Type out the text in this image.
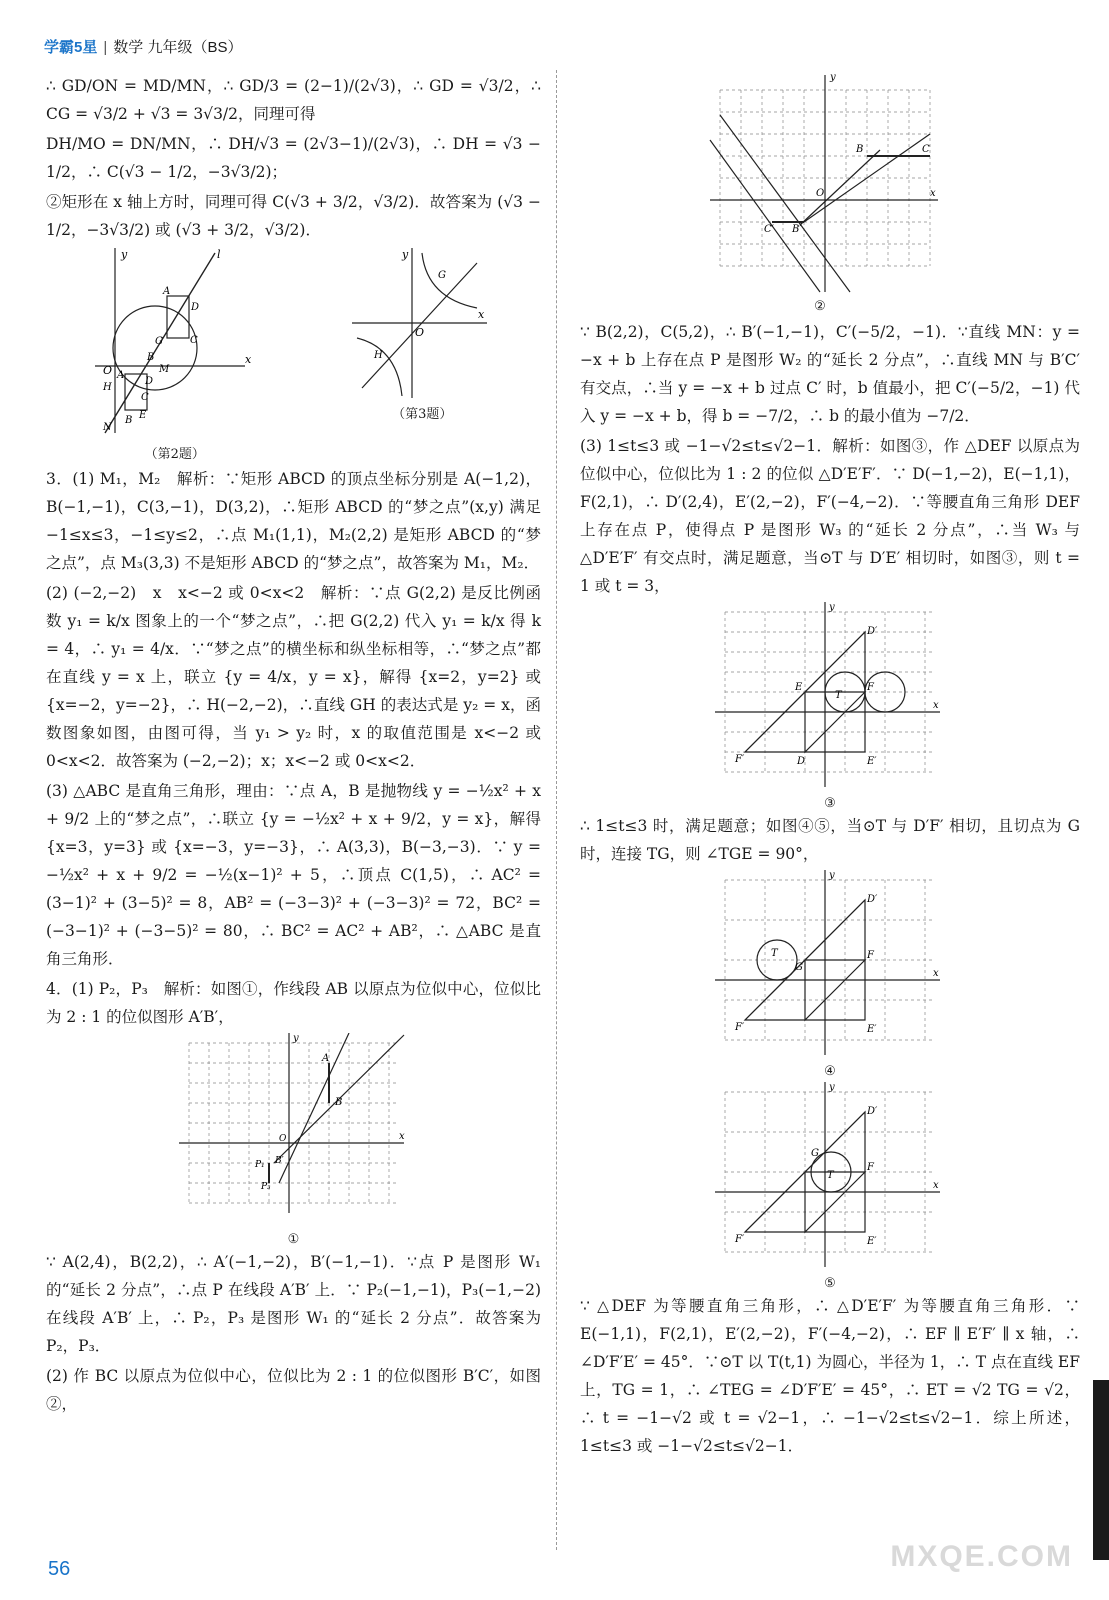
学霸5星 | 数学 九年级（BS）

∴ GD/ON = MD/MN，∴ GD/3 = (2−1)/(2√3)，∴ GD = √3/2，∴ CG = √3/2 + √3 = 3√3/2，同理可得

DH/MO = DN/MN，∴ DH/√3 = (2√3−1)/(2√3)，∴ DH = √3 − 1/2，∴ C(√3 − 1/2，−3√3/2)；

②矩形在 x 轴上方时，同理可得 C(√3 + 3/2，√3/2)．故答案为 (√3 − 1/2，−3√3/2) 或 (√3 + 3/2，√3/2)．

y
x
O
l
A
D
C
G
B
M
D
A
H
B E
C
N
（第2题）
y
x
O
G
H
（第3题）

3．(1) M₁，M₂　解析：∵矩形 ABCD 的顶点坐标分别是 A(−1,2)，B(−1,−1)，C(3,−1)，D(3,2)，∴矩形 ABCD 的“梦之点”(x,y) 满足 −1≤x≤3，−1≤y≤2，∴点 M₁(1,1)，M₂(2,2) 是矩形 ABCD 的“梦之点”，点 M₃(3,3) 不是矩形 ABCD 的“梦之点”，故答案为 M₁，M₂．

(2) (−2,−2)　x　x<−2 或 0<x<2　解析：∵点 G(2,2) 是反比例函数 y₁ = k/x 图象上的一个“梦之点”，∴把 G(2,2) 代入 y₁ = k/x 得 k = 4，∴ y₁ = 4/x．∵“梦之点”的横坐标和纵坐标相等，∴“梦之点”都在直线 y = x 上，联立 {y = 4/x，y = x}，解得 {x=2，y=2} 或 {x=−2，y=−2}，∴ H(−2,−2)，∴直线 GH 的表达式是 y₂ = x，函数图象如图，由图可得，当 y₁ > y₂ 时，x 的取值范围是 x<−2 或 0<x<2．故答案为 (−2,−2)；x；x<−2 或 0<x<2．

(3) △ABC 是直角三角形，理由：∵点 A，B 是抛物线 y = −½x² + x + 9/2 上的“梦之点”，∴联立 {y = −½x² + x + 9/2，y = x}，解得 {x=3，y=3} 或 {x=−3，y=−3}，∴ A(3,3)，B(−3,−3)．∵ y = −½x² + x + 9/2 = −½(x−1)² + 5，∴顶点 C(1,5)，∴ AC² = (3−1)² + (3−5)² = 8，AB² = (−3−3)² + (−3−3)² = 72，BC² = (−3−1)² + (−3−5)² = 80，∴ BC² = AC² + AB²，∴ △ABC 是直角三角形．

4．(1) P₂，P₃　解析：如图①，作线段 AB 以原点为位似中心，位似比为 2 : 1 的位似图形 A′B′，

y
x
A
B
P₁ B′
P₃
O
①

∵ A(2,4)，B(2,2)，∴ A′(−1,−2)，B′(−1,−1)．∵点 P 是图形 W₁ 的“延长 2 分点”，∴点 P 在线段 A′B′ 上．∵ P₂(−1,−1)，P₃(−1,−2) 在线段 A′B′ 上，∴ P₂，P₃ 是图形 W₁ 的“延长 2 分点”．故答案为 P₂，P₃．

(2) 作 BC 以原点为位似中心，位似比为 2 : 1 的位似图形 B′C′，如图②，

y
x
B	C
C′ B′
O
②

∵ B(2,2)，C(5,2)，∴ B′(−1,−1)，C′(−5/2，−1)．∵直线 MN：y = −x + b 上存在点 P 是图形 W₂ 的“延长 2 分点”，∴直线 MN 与 B′C′ 有交点，∴当 y = −x + b 过点 C′ 时，b 值最小，把 C′(−5/2，−1) 代入 y = −x + b，得 b = −7/2，∴ b 的最小值为 −7/2．

(3) 1≤t≤3 或 −1−√2≤t≤√2−1．解析：如图③，作 △DEF 以原点为位似中心，位似比为 1 : 2 的位似 △D′E′F′．∵ D(−1,−2)，E(−1,1)，F(2,1)，∴ D′(2,4)，E′(2,−2)，F′(−4,−2)．∵等腰直角三角形 DEF 上存在点 P，使得点 P 是图形 W₃ 的“延长 2 分点”，∴当 W₃ 与 △D′E′F′ 有交点时，满足题意，当⊙T 与 D′E′ 相切时，如图③，则 t = 1 或 t = 3，

y
x
D′
E	F
T
F′	E′
D
③

∴ 1≤t≤3 时，满足题意；如图④⑤，当⊙T 与 D′F′ 相切，且切点为 G 时，连接 TG，则 ∠TGE = 90°，

y
x
D′
T
G
F
F′	E′
④
y
x
D′
T
G
F
F′	E′
⑤

∵ △DEF 为等腰直角三角形，∴ △D′E′F′ 为等腰直角三角形．∵ E(−1,1)，F(2,1)，E′(2,−2)，F′(−4,−2)，∴ EF ∥ E′F′ ∥ x 轴，∴ ∠D′F′E′ = 45°．∵⊙T 以 T(t,1) 为圆心，半径为 1，∴ T 点在直线 EF 上，TG = 1，∴ ∠TEG = ∠D′F′E′ = 45°，∴ ET = √2 TG = √2，∴ t = −1−√2 或 t = √2−1，∴ −1−√2≤t≤√2−1．综上所述，1≤t≤3 或 −1−√2≤t≤√2−1．

56	MXQE.COM
